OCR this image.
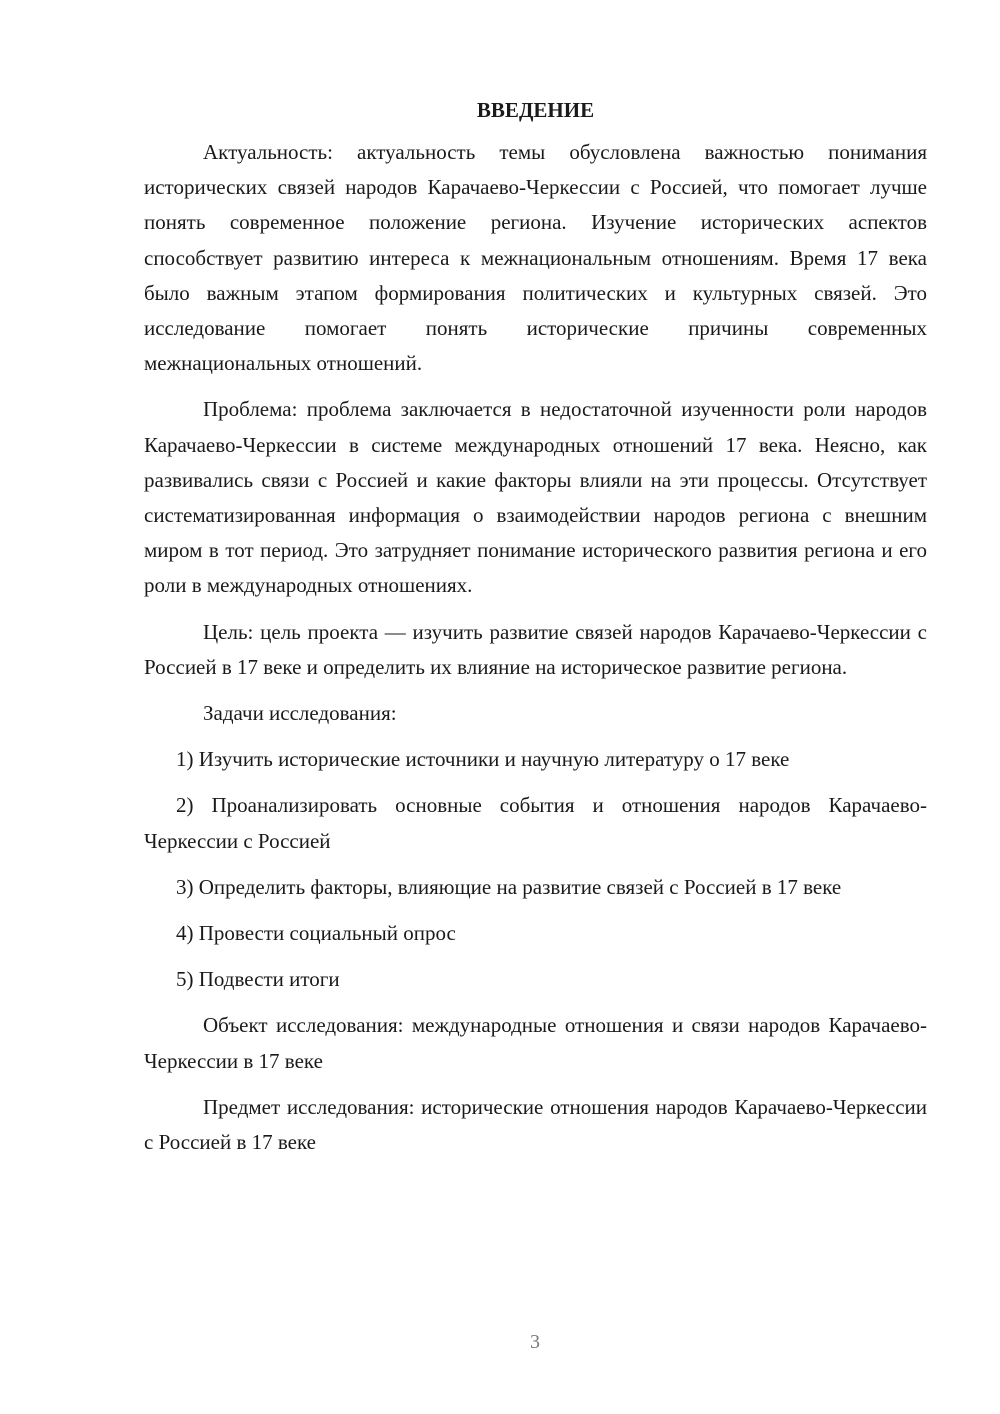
ВВЕДЕНИЕ

Актуальность: актуальность темы обусловлена важностью понимания исторических связей народов Карачаево-Черкессии с Россией, что помогает лучше понять современное положение региона. Изучение исторических аспектов способствует развитию интереса к межнациональным отношениям. Время 17 века было важным этапом формирования политических и культурных связей. Это исследование помогает понять исторические причины современных межнациональных отношений.

Проблема: проблема заключается в недостаточной изученности роли народов Карачаево-Черкессии в системе международных отношений 17 века. Неясно, как развивались связи с Россией и какие факторы влияли на эти процессы. Отсутствует систематизированная информация о взаимодействии народов региона с внешним миром в тот период. Это затрудняет понимание исторического развития региона и его роли в международных отношениях.

Цель: цель проекта — изучить развитие связей народов Карачаево-Черкессии с Россией в 17 веке и определить их влияние на историческое развитие региона.

Задачи исследования:

1) Изучить исторические источники и научную литературу о 17 веке

2) Проанализировать основные события и отношения народов Карачаево-Черкессии с Россией

3) Определить факторы, влияющие на развитие связей с Россией в 17 веке

4) Провести социальный опрос

5) Подвести итоги

Объект исследования: международные отношения и связи народов Карачаево-Черкессии в 17 веке

Предмет исследования: исторические отношения народов Карачаево-Черкессии с Россией в 17 веке

3
